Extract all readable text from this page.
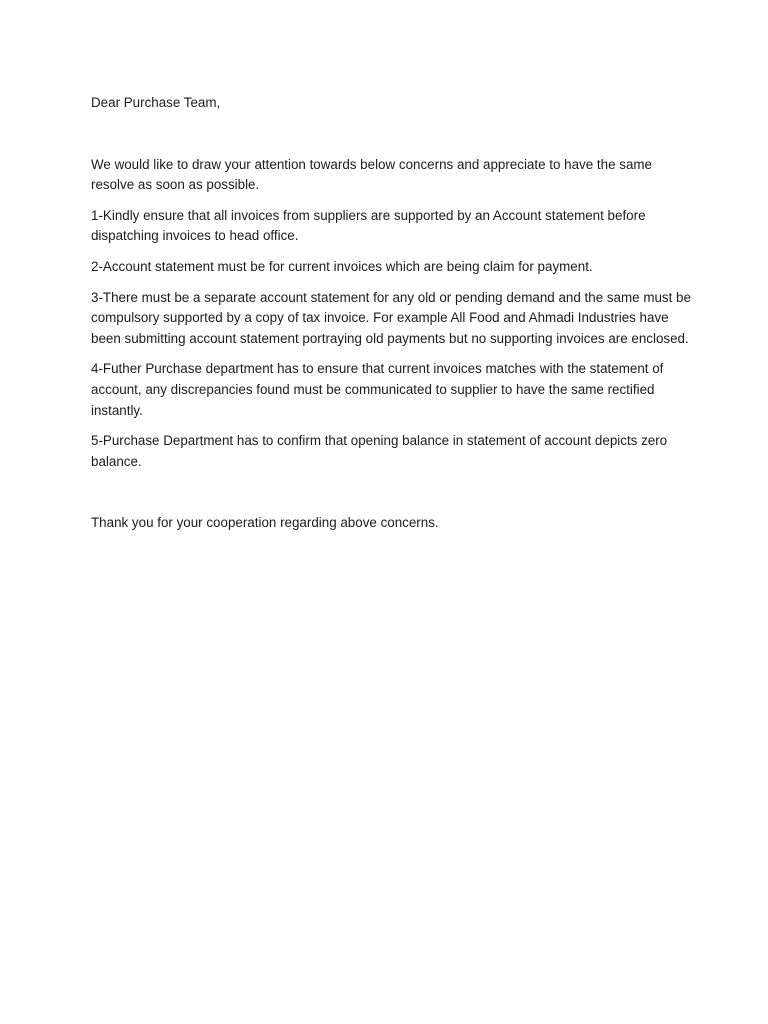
Dear Purchase Team,

We would like to draw your attention towards below concerns and appreciate to have the same resolve as soon as possible.

1-Kindly ensure that all invoices from suppliers are supported by an Account statement before dispatching invoices to head office.

2-Account statement must be for current invoices which are being claim for payment.

3-There must be a separate account statement for any old or pending demand and the same must be compulsory supported by a copy of tax invoice. For example All Food and Ahmadi Industries have been submitting account statement portraying old payments but no supporting invoices are enclosed.

4-Futher Purchase department has to ensure that current invoices matches with the statement of account, any discrepancies found must be communicated to supplier to have the same rectified instantly.

5-Purchase Department has to confirm that opening balance in statement of account depicts zero balance.

Thank you for your cooperation regarding above concerns.
